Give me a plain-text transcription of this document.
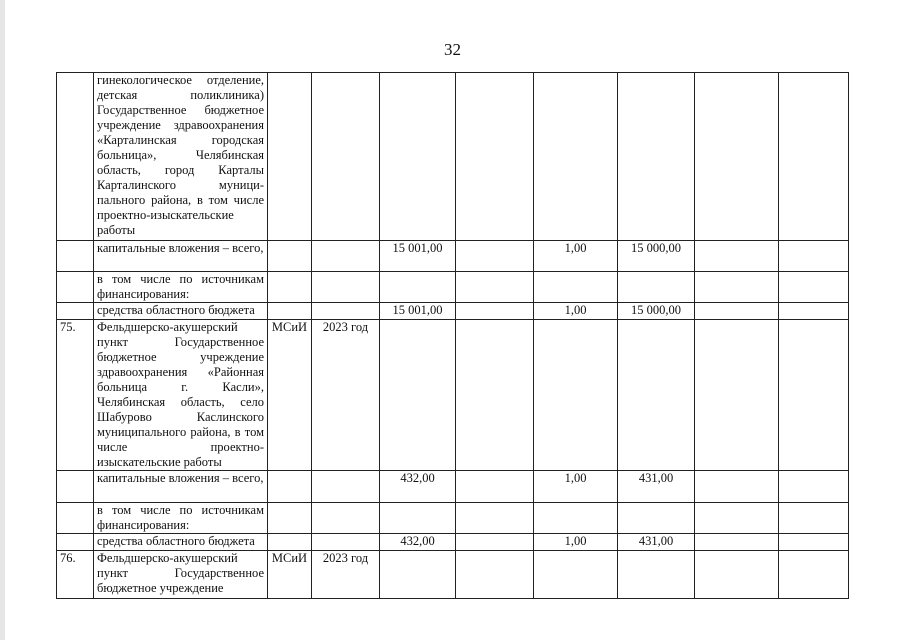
32
	гинекологическое отделение, детская поликлиника) Государственное бюджетное учреждение здравоохранения «Карталинская городская больница», Челябинская область, город Карталы Карталинского муници-пального района, в том числе проектно-изыскательские работы								
	капитальные вложения – всего,			15 001,00		1,00	15 000,00		
	в том числе по источникам финансирования:								
	средства областного бюджета			15 001,00		1,00	15 000,00		
75.	Фельдшерско-акушерский пункт Государственное бюджетное учреждение здравоохранения «Районная больница г. Касли», Челябинская область, село Шабурово Каслинского муниципального района, в том числе проектно-изыскательские работы	МСиИ	2023 год						
	капитальные вложения – всего,			432,00		1,00	431,00		
	в том числе по источникам финансирования:								
	средства областного бюджета			432,00		1,00	431,00		
76.	Фельдшерско-акушерский пункт Государственное бюджетное учреждение	МСиИ	2023 год						
